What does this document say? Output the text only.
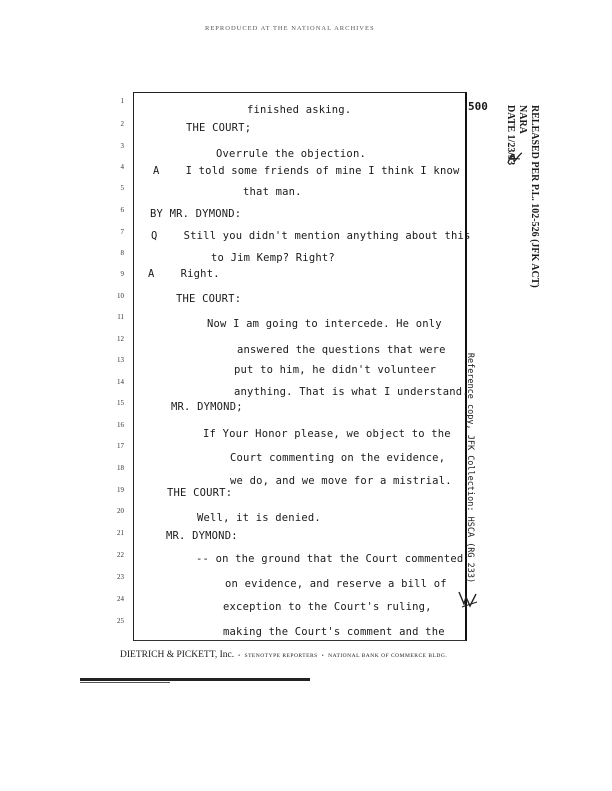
REPRODUCED AT THE NATIONAL ARCHIVES
500
1
2
3
4
5
6
7
8
9
10
11
12
13
14
15
16
17
18
19
20
21
22
23
24
25
finished asking.
THE COURT;
Overrule the objection.
A    I told some friends of mine I think I know
that man.
BY MR. DYMOND:
Q    Still you didn't mention anything about this
to Jim Kemp? Right?
A    Right.
THE COURT:
Now I am going to intercede. He only
answered the questions that were
put to him, he didn't volunteer
anything. That is what I understand.
MR. DYMOND;
If Your Honor please, we object to the
Court commenting on the evidence,
we do, and we move for a mistrial.
THE COURT:
Well, it is denied.
MR. DYMOND:
-- on the ground that the Court commented
on evidence, and reserve a bill of
exception to the Court's ruling,
making the Court's comment and the
DIETRICH & PICKETT, Inc. • STENOTYPE REPORTERS • NATIONAL BANK OF COMMERCE BLDG.
RELEASED PER P.L. 102-526 (JFK ACT)
NARA
DATE 1/23/93
Reference copy, JFK Collection: HSCA (RG 233)
